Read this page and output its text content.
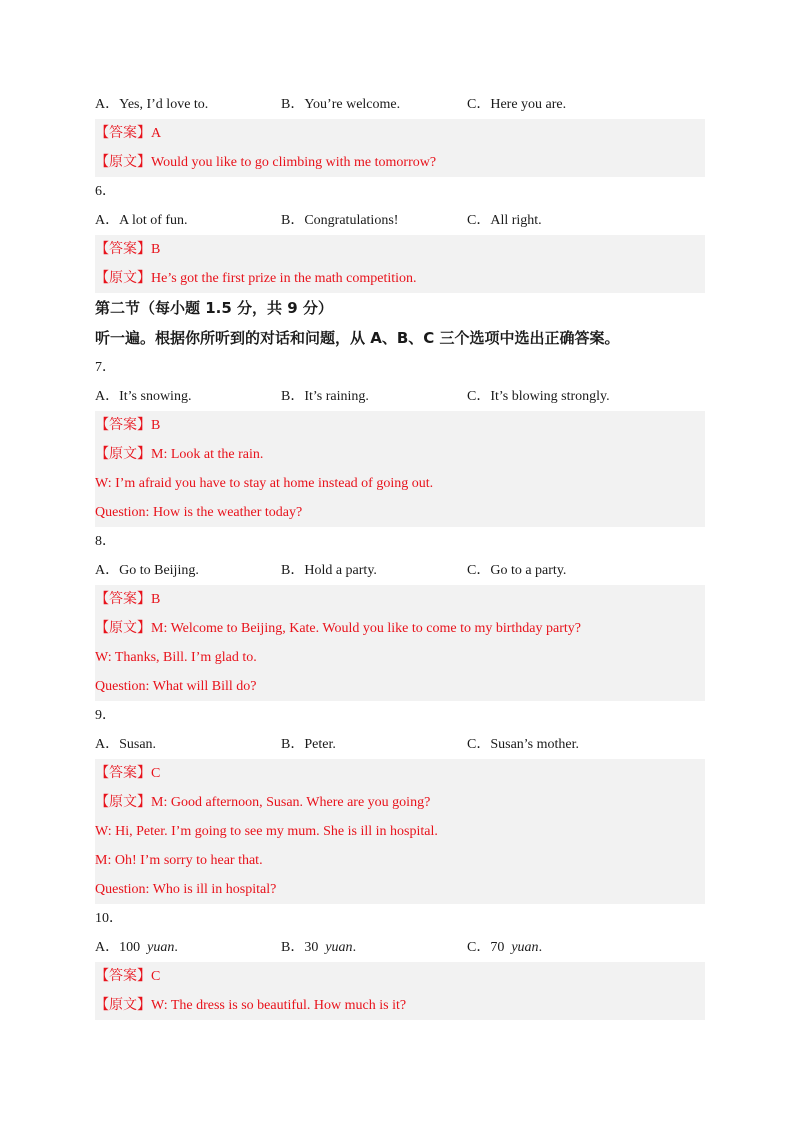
A．Yes, I’d love to.	B．You’re welcome.	C．Here you are.
【答案】A
【原文】Would you like to go climbing with me tomorrow?
6．
A．A lot of fun.	B．Congratulations!	C．All right.
【答案】B
【原文】He’s got the first prize in the math competition.
第二节（每小题 1.5 分，共 9 分）
听一遍。根据你所听到的对话和问题，从 A、B、C 三个选项中选出正确答案。
7．
A．It’s snowing.	B．It’s raining.	C．It’s blowing strongly.
【答案】B
【原文】M: Look at the rain.
W: I’m afraid you have to stay at home instead of going out.
Question: How is the weather today?
8．
A．Go to Beijing.	B．Hold a party.	C．Go to a party.
【答案】B
【原文】M: Welcome to Beijing, Kate. Would you like to come to my birthday party?
W: Thanks, Bill. I’m glad to.
Question: What will Bill do?
9．
A．Susan.	B．Peter.	C．Susan’s mother.
【答案】C
【原文】M: Good afternoon, Susan. Where are you going?
W: Hi, Peter. I’m going to see my mum. She is ill in hospital.
M: Oh! I’m sorry to hear that.
Question: Who is ill in hospital?
10．
A．100 yuan.	B．30 yuan.	C．70 yuan.
【答案】C
【原文】W: The dress is so beautiful. How much is it?
